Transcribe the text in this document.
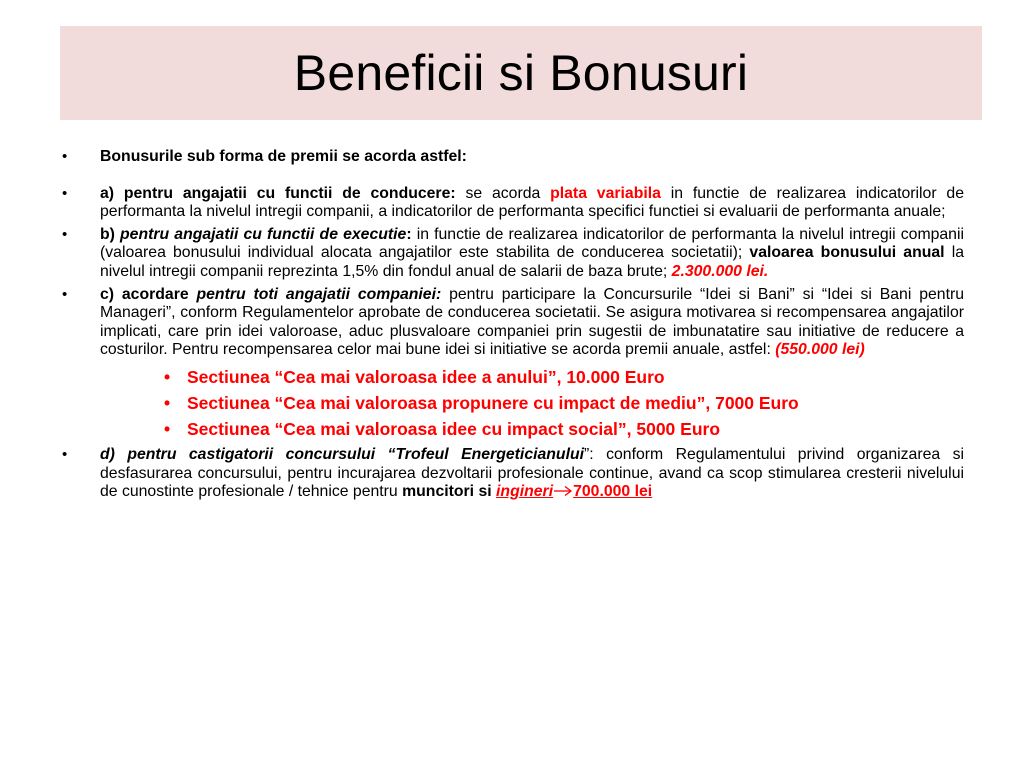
Beneficii si Bonusuri
• Bonusurile sub forma de premii se acorda astfel:
• a) pentru angajatii cu functii de conducere: se acorda plata variabila in functie de realizarea indicatorilor de performanta la nivelul intregii companii, a indicatorilor de performanta specifici functiei si evaluarii de performanta anuale;
• b) pentru angajatii cu functii de executie: in functie de realizarea indicatorilor de performanta la nivelul intregii companii (valoarea bonusului individual alocata angajatilor este stabilita de conducerea societatii); valoarea bonusului anual la nivelul intregii companii reprezinta 1,5% din fondul anual de salarii de baza brute; 2.300.000 lei.
• c) acordare pentru toti angajatii companiei: pentru participare la Concursurile “Idei si Bani” si “Idei si Bani pentru Manageri”, conform Regulamentelor aprobate de conducerea societatii. Se asigura motivarea si recompensarea angajatilor implicati, care prin idei valoroase, aduc plusvaloare companiei prin sugestii de imbunatatire sau initiative de reducere a costurilor. Pentru recompensarea celor mai bune idei si initiative se acorda premii anuale, astfel: (550.000 lei)
• Sectiunea “Cea mai valoroasa idee a anului”, 10.000 Euro
• Sectiunea “Cea mai valoroasa propunere cu impact de mediu”, 7000 Euro
• Sectiunea “Cea mai valoroasa idee cu impact social”, 5000 Euro
• d) pentru castigatorii concursului “Trofeul Energeticianului”: conform Regulamentului privind organizarea si desfasurarea concursului, pentru incurajarea dezvoltarii profesionale continue, avand ca scop stimularea cresterii nivelului de cunostinte profesionale / tehnice pentru muncitori si ingineri 700.000 lei
